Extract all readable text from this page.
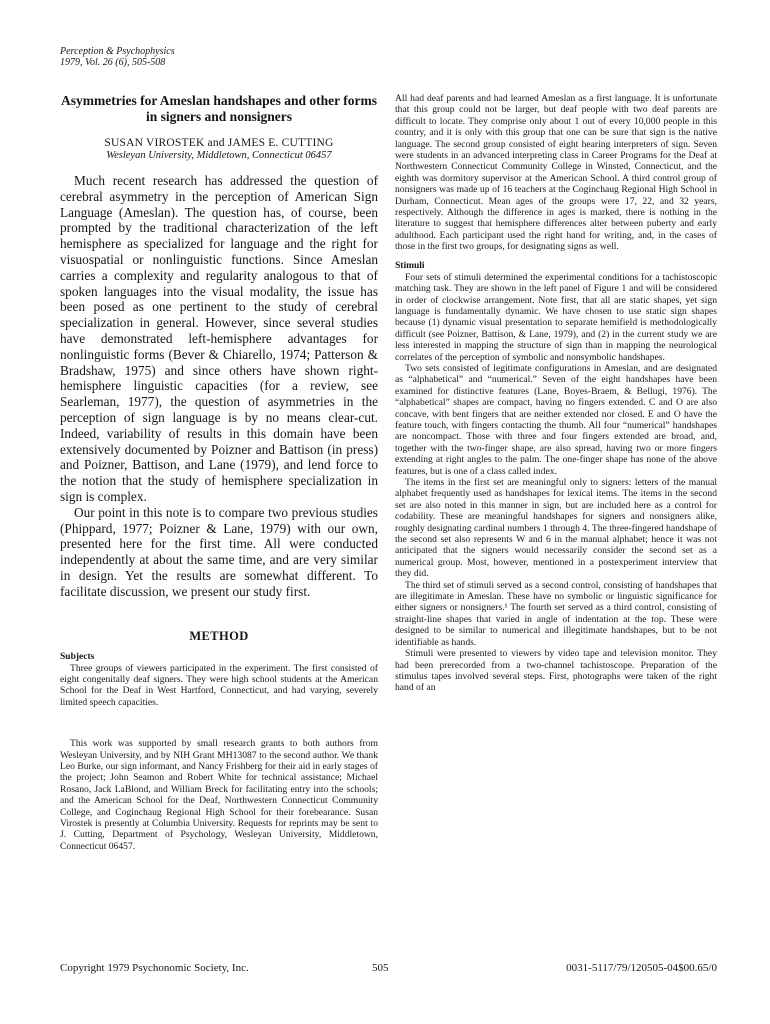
Perception & Psychophysics
1979, Vol. 26 (6), 505-508

Asymmetries for Ameslan handshapes and other forms in signers and nonsigners

SUSAN VIROSTEK and JAMES E. CUTTING

Wesleyan University, Middletown, Connecticut 06457

Much recent research has addressed the question of cerebral asymmetry in the perception of American Sign Language (Ameslan). The question has, of course, been prompted by the traditional characterization of the left hemisphere as specialized for language and the right for visuospatial or nonlinguistic functions. Since Ameslan carries a complexity and regularity analogous to that of spoken languages into the visual modality, the issue has been posed as one pertinent to the study of cerebral specialization in general. However, since several studies have demonstrated left-hemisphere advantages for nonlinguistic forms (Bever & Chiarello, 1974; Patterson & Bradshaw, 1975) and since others have shown right-hemisphere linguistic capacities (for a review, see Searleman, 1977), the question of asymmetries in the perception of sign language is by no means clear-cut. Indeed, variability of results in this domain have been extensively documented by Poizner and Battison (in press) and Poizner, Battison, and Lane (1979), and lend force to the notion that the study of hemisphere specialization in sign is complex.

Our point in this note is to compare two previous studies (Phippard, 1977; Poizner & Lane, 1979) with our own, presented here for the first time. All were conducted independently at about the same time, and are very similar in design. Yet the results are somewhat different. To facilitate discussion, we present our study first.

METHOD

Subjects

Three groups of viewers participated in the experiment. The first consisted of eight congenitally deaf signers. They were high school students at the American School for the Deaf in West Hartford, Connecticut, and had varying, severely limited speech capacities.

This work was supported by small research grants to both authors from Wesleyan University, and by NIH Grant MH13087 to the second author. We thank Leo Burke, our sign informant, and Nancy Frishberg for their aid in early stages of the project; John Seamon and Robert White for technical assistance; Michael Rosano, Jack LaBlond, and William Breck for facilitating entry into the schools; and the American School for the Deaf, Northwestern Connecticut Community College, and Coginchaug Regional High School for their forebearance. Susan Virostek is presently at Columbia University. Requests for reprints may be sent to J. Cutting, Department of Psychology, Wesleyan University, Middletown, Connecticut 06457.

All had deaf parents and had learned Ameslan as a first language. It is unfortunate that this group could not be larger, but deaf people with two deaf parents are difficult to locate. They comprise only about 1 out of every 10,000 people in this country, and it is only with this group that one can be sure that sign is the native language. The second group consisted of eight hearing interpreters of sign. Seven were students in an advanced interpreting class in Career Programs for the Deaf at Northwestern Connecticut Community College in Winsted, Connecticut, and the eighth was dormitory supervisor at the American School. A third control group of nonsigners was made up of 16 teachers at the Coginchaug Regional High School in Durham, Connecticut. Mean ages of the groups were 17, 22, and 32 years, respectively. Although the difference in ages is marked, there is nothing in the literature to suggest that hemisphere differences alter between puberty and early adulthood. Each participant used the right hand for writing, and, in the cases of those in the first two groups, for designating signs as well.

Stimuli

Four sets of stimuli determined the experimental conditions for a tachistoscopic matching task. They are shown in the left panel of Figure 1 and will be considered in order of clockwise arrangement. Note first, that all are static shapes, yet sign language is fundamentally dynamic. We have chosen to use static sign shapes because (1) dynamic visual presentation to separate hemifield is methodologically difficult (see Poizner, Battison, & Lane, 1979), and (2) in the current study we are less interested in mapping the structure of sign than in mapping the neurological correlates of the perception of symbolic and nonsymbolic handshapes.

Two sets consisted of legitimate configurations in Ameslan, and are designated as “alphabetical” and “numerical.” Seven of the eight handshapes have been examined for distinctive features (Lane, Boyes-Braem, & Bellugi, 1976). The “alphabetical” shapes are compact, having no fingers extended. C and O are also concave, with bent fingers that are neither extended nor closed. E and O have the feature touch, with fingers contacting the thumb. All four “numerical” handshapes are noncompact. Those with three and four fingers extended are broad, and, together with the two-finger shape, are also spread, having two or more fingers extending at right angles to the palm. The one-finger shape has none of the above features, but is one of a class called index.

The items in the first set are meaningful only to signers: letters of the manual alphabet frequently used as handshapes for lexical items. The items in the second set are also noted in this manner in sign, but are included here as a control for codability. These are meaningful handshapes for signers and nonsigners alike, roughly designating cardinal numbers 1 through 4. The three-fingered handshape of the second set also represents W and 6 in the manual alphabet; hence it was not anticipated that the signers would necessarily consider the second set as a numerical group. Most, however, mentioned in a postexperiment interview that they did.

The third set of stimuli served as a second control, consisting of handshapes that are illegitimate in Ameslan. These have no symbolic or linguistic significance for either signers or nonsigners.¹ The fourth set served as a third control, consisting of straight-line shapes that varied in angle of indentation at the top. These were designed to be similar to numerical and illegitimate handshapes, but to be not identifiable as hands.

Stimuli were presented to viewers by video tape and television monitor. They had been prerecorded from a two-channel tachistoscope. Preparation of the stimulus tapes involved several steps. First, photographs were taken of the right hand of an

Copyright 1979 Psychonomic Society, Inc.	505	0031-5117/79/120505-04$00.65/0
